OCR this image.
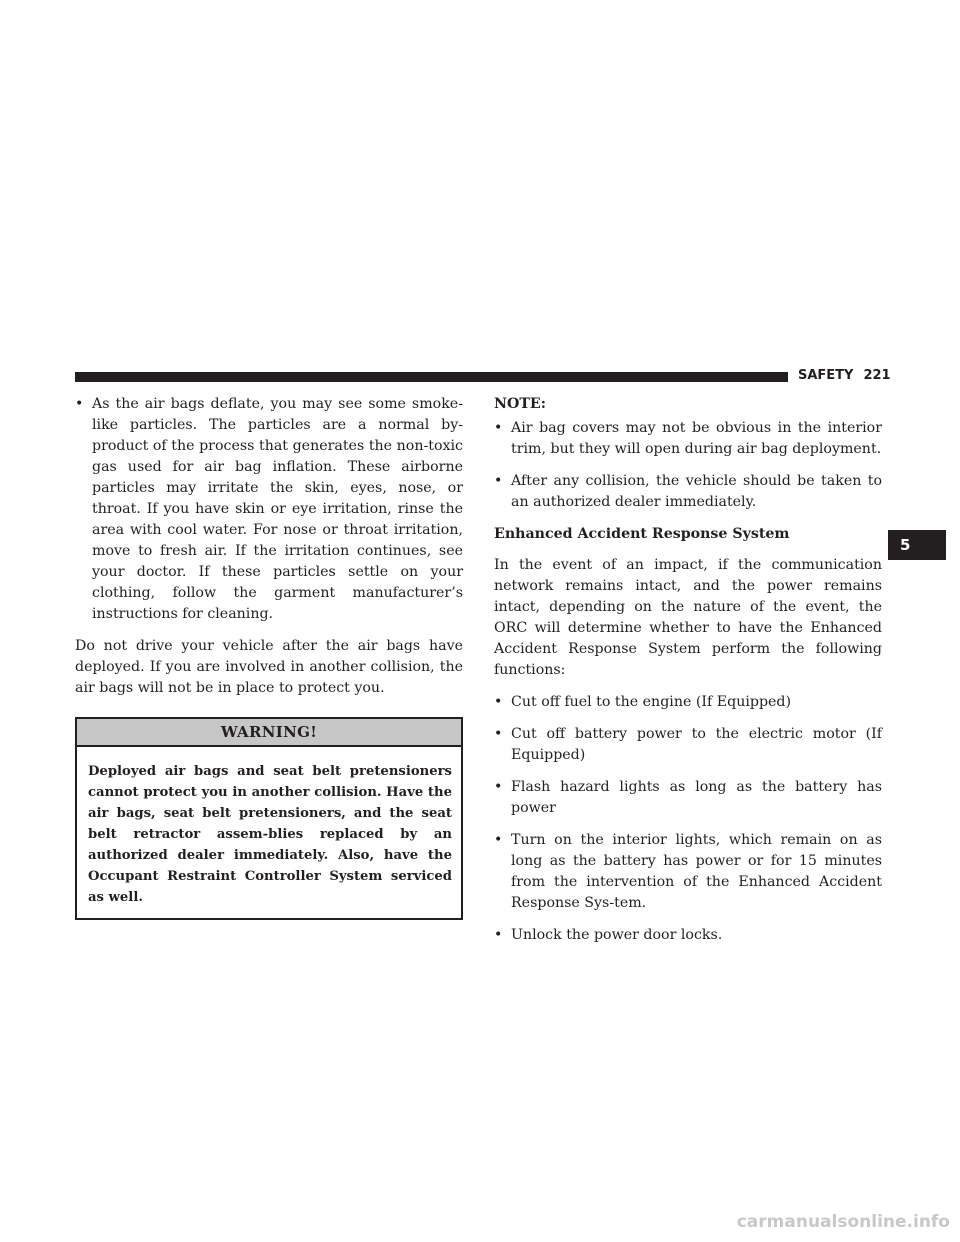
SAFETY 221
5
• As the air bags deflate, you may see some smoke-like particles. The particles are a normal by-product of the process that generates the non-toxic gas used for air bag inflation. These airborne particles may irritate the skin, eyes, nose, or throat. If you have skin or eye irritation, rinse the area with cool water. For nose or throat irritation, move to fresh air. If the irritation continues, see your doctor. If these particles settle on your clothing, follow the garment manufacturer’s instructions for cleaning.

Do not drive your vehicle after the air bags have deployed. If you are involved in another collision, the air bags will not be in place to protect you.

WARNING!
Deployed air bags and seat belt pretensioners cannot protect you in another collision. Have the air bags, seat belt pretensioners, and the seat belt retractor assem-blies replaced by an authorized dealer immediately. Also, have the Occupant Restraint Controller System serviced as well.
NOTE:
• Air bag covers may not be obvious in the interior trim, but they will open during air bag deployment.
• After any collision, the vehicle should be taken to an authorized dealer immediately.
Enhanced Accident Response System

In the event of an impact, if the communication network remains intact, and the power remains intact, depending on the nature of the event, the ORC will determine whether to have the Enhanced Accident Response System perform the following functions:

• Cut off fuel to the engine (If Equipped)
• Cut off battery power to the electric motor (If Equipped)
• Flash hazard lights as long as the battery has power
• Turn on the interior lights, which remain on as long as the battery has power or for 15 minutes from the intervention of the Enhanced Accident Response Sys-tem.
• Unlock the power door locks.
carmanualsonline.info
